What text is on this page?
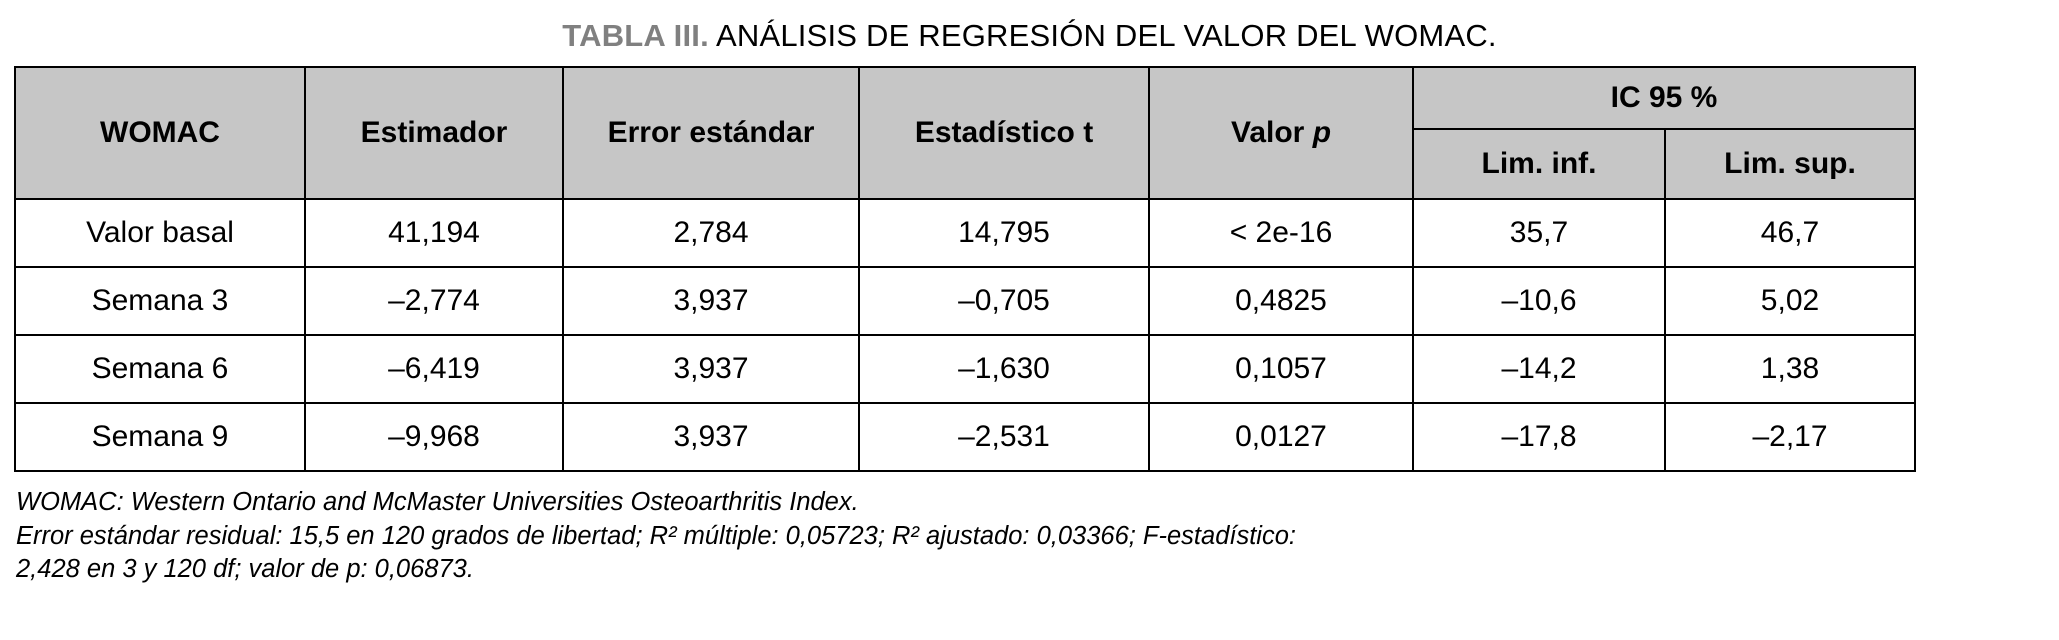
TABLA III. ANÁLISIS DE REGRESIÓN DEL VALOR DEL WOMAC.
WOMAC	Estimador	Error estándar	Estadístico t	Valor p	IC 95 %	
					Lim. inf.	Lim. sup.
Valor basal	41,194	2,784	14,795	< 2e-16	35,7	46,7
Semana 3	–2,774	3,937	–0,705	0,4825	–10,6	5,02
Semana 6	–6,419	3,937	–1,630	0,1057	–14,2	1,38
Semana 9	–9,968	3,937	–2,531	0,0127	–17,8	–2,17
WOMAC: Western Ontario and McMaster Universities Osteoarthritis Index.
Error estándar residual: 15,5 en 120 grados de libertad; R² múltiple: 0,05723; R² ajustado: 0,03366; F-estadístico:
2,428 en 3 y 120 df; valor de p: 0,06873.
